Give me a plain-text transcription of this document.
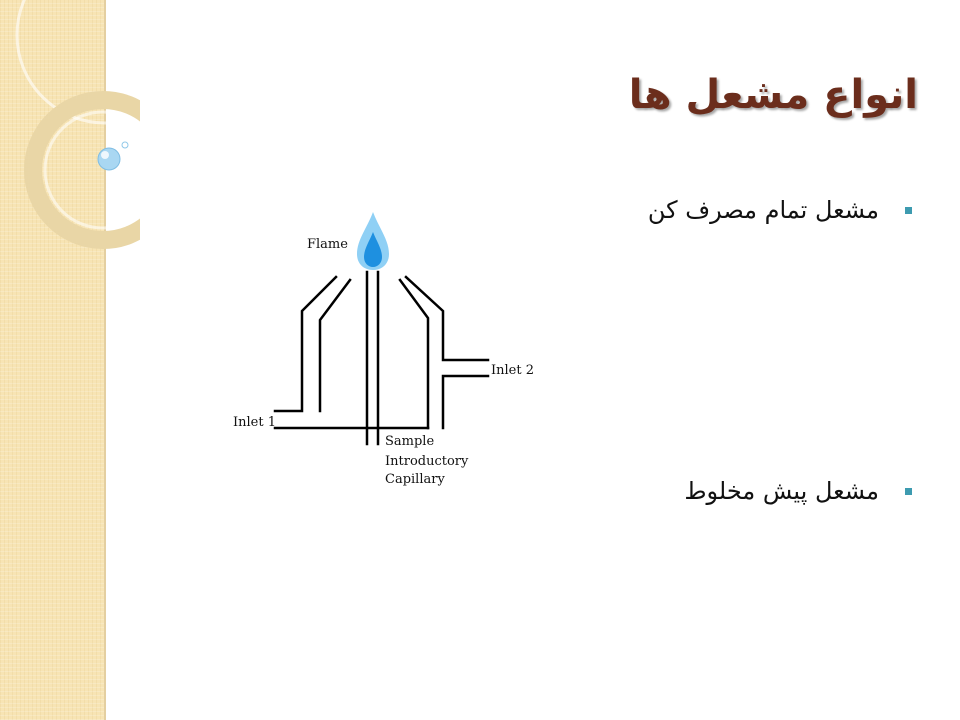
انواع مشعل ها
مشعل تمام مصرف کن
مشعل پیش مخلوط
Flame
Inlet 1
Inlet 2
Sample
Introductory
Capillary
